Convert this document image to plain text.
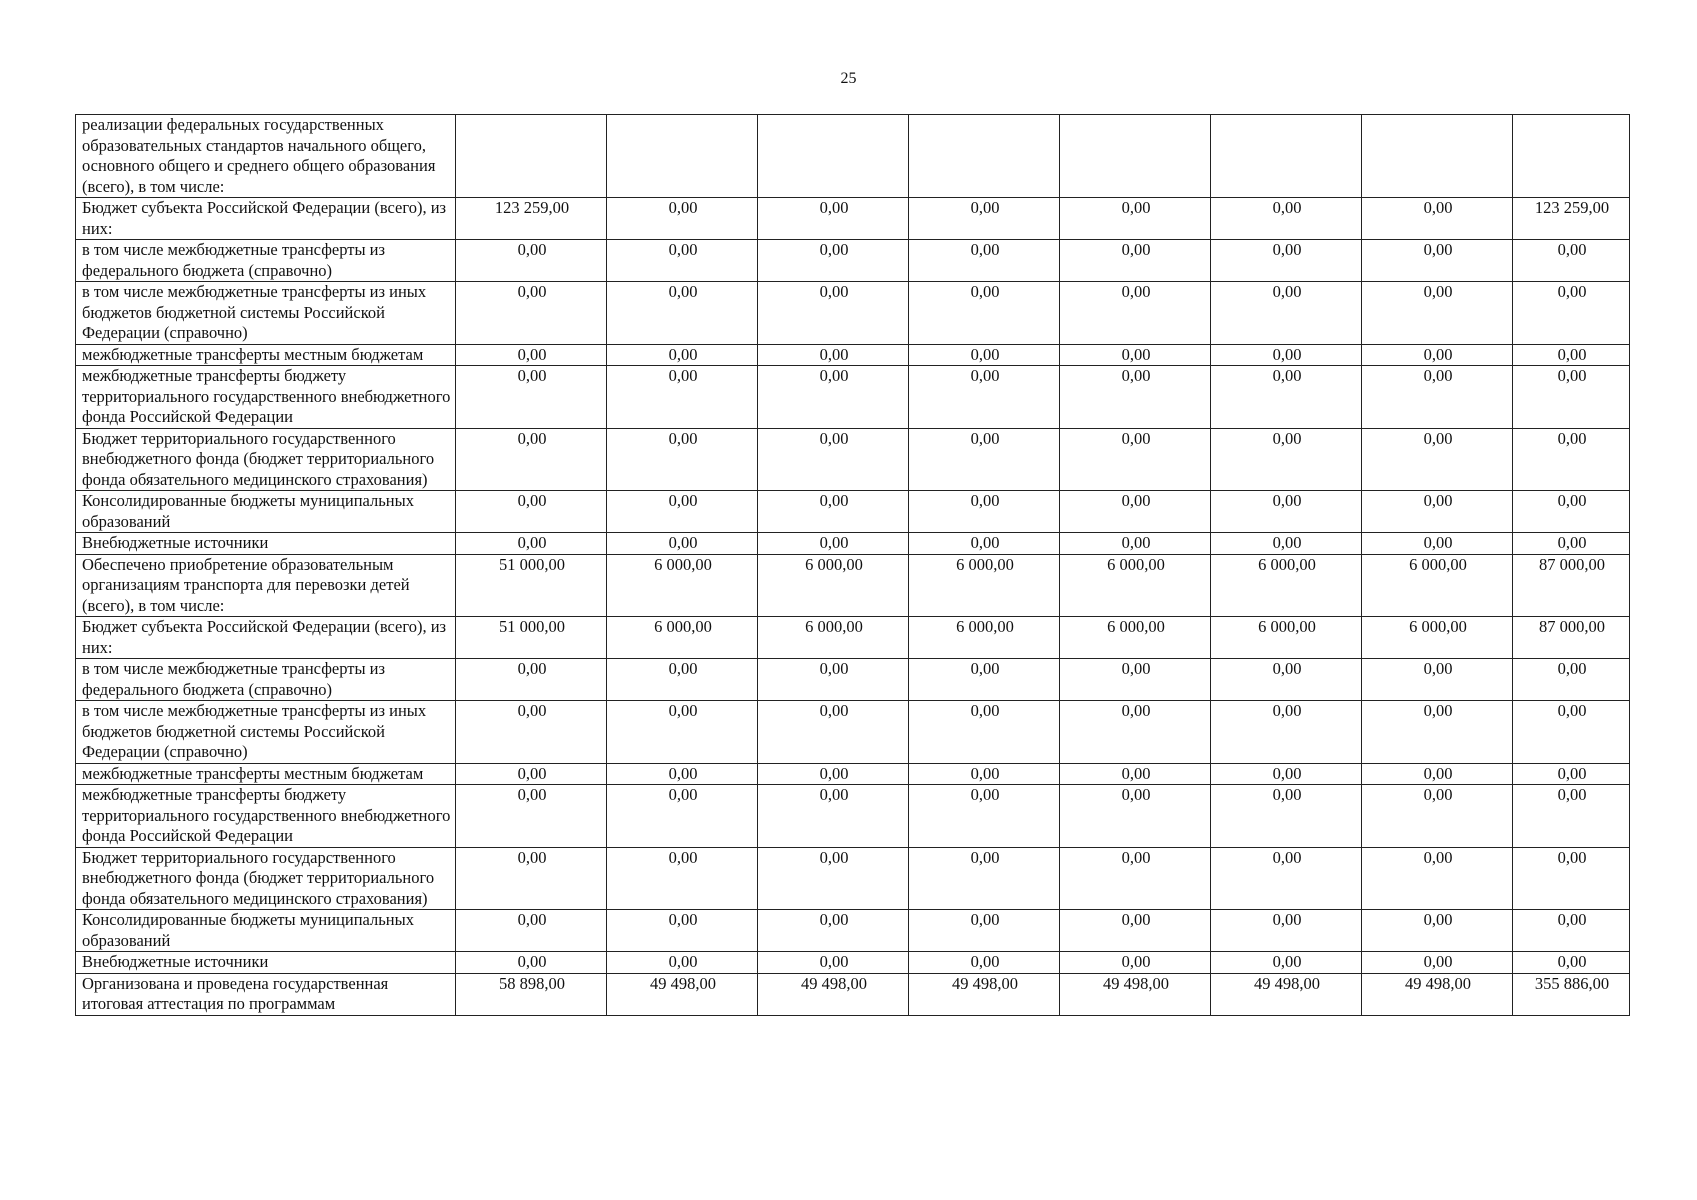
25
реализации федеральных государственных образовательных стандартов начального общего, основного общего и среднего общего образования (всего), в том числе:								
Бюджет субъекта Российской Федерации (всего), из них:	123 259,00	0,00	0,00	0,00	0,00	0,00	0,00	123 259,00
в том числе межбюджетные трансферты из федерального бюджета (справочно)	0,00	0,00	0,00	0,00	0,00	0,00	0,00	0,00
в том числе межбюджетные трансферты из иных бюджетов бюджетной системы Российской Федерации (справочно)	0,00	0,00	0,00	0,00	0,00	0,00	0,00	0,00
межбюджетные трансферты местным бюджетам	0,00	0,00	0,00	0,00	0,00	0,00	0,00	0,00
межбюджетные трансферты бюджету территориального государственного внебюджетного фонда Российской Федерации	0,00	0,00	0,00	0,00	0,00	0,00	0,00	0,00
Бюджет территориального государственного внебюджетного фонда (бюджет территориального фонда обязательного медицинского страхования)	0,00	0,00	0,00	0,00	0,00	0,00	0,00	0,00
Консолидированные бюджеты муниципальных образований	0,00	0,00	0,00	0,00	0,00	0,00	0,00	0,00
Внебюджетные источники	0,00	0,00	0,00	0,00	0,00	0,00	0,00	0,00
Обеспечено приобретение образовательным организациям транспорта для перевозки детей (всего), в том числе:	51 000,00	6 000,00	6 000,00	6 000,00	6 000,00	6 000,00	6 000,00	87 000,00
Бюджет субъекта Российской Федерации (всего), из них:	51 000,00	6 000,00	6 000,00	6 000,00	6 000,00	6 000,00	6 000,00	87 000,00
в том числе межбюджетные трансферты из федерального бюджета (справочно)	0,00	0,00	0,00	0,00	0,00	0,00	0,00	0,00
в том числе межбюджетные трансферты из иных бюджетов бюджетной системы Российской Федерации (справочно)	0,00	0,00	0,00	0,00	0,00	0,00	0,00	0,00
межбюджетные трансферты местным бюджетам	0,00	0,00	0,00	0,00	0,00	0,00	0,00	0,00
межбюджетные трансферты бюджету территориального государственного внебюджетного фонда Российской Федерации	0,00	0,00	0,00	0,00	0,00	0,00	0,00	0,00
Бюджет территориального государственного внебюджетного фонда (бюджет территориального фонда обязательного медицинского страхования)	0,00	0,00	0,00	0,00	0,00	0,00	0,00	0,00
Консолидированные бюджеты муниципальных образований	0,00	0,00	0,00	0,00	0,00	0,00	0,00	0,00
Внебюджетные источники	0,00	0,00	0,00	0,00	0,00	0,00	0,00	0,00
Организована и проведена государственная итоговая аттестация по программам	58 898,00	49 498,00	49 498,00	49 498,00	49 498,00	49 498,00	49 498,00	355 886,00
